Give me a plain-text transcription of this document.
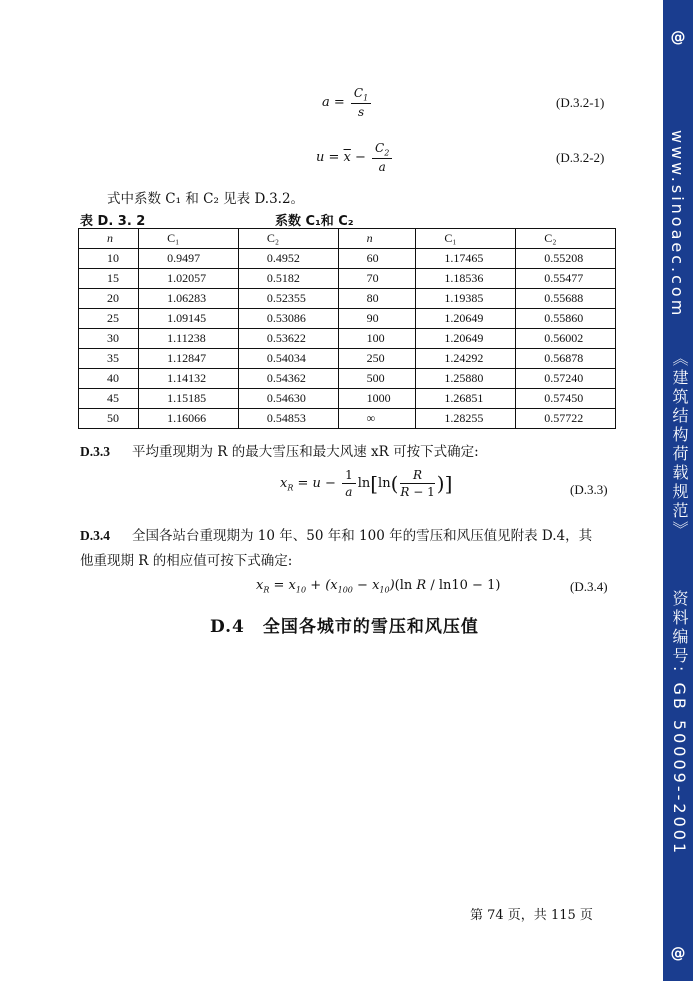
@
www.sinoaec.com
《建筑结构荷载规范》
资料编号: GB 50009--2001
@
$a = \frac{C_1}{s}$	(D.3.2-1)
$u = \overline{x} - \frac{C_2}{a}$	(D.3.2-2)
式中系数 C₁ 和 C₂ 见表 D.3.2。
表 D. 3. 2	系数 C₁和 C₂
n	C₁	C₂	n	C₁	C₂
10	0.9497	0.4952	60	1.17465	0.55208
15	1.02057	0.5182	70	1.18536	0.55477
20	1.06283	0.52355	80	1.19385	0.55688
25	1.09145	0.53086	90	1.20649	0.55860
30	1.11238	0.53622	100	1.20649	0.56002
35	1.12847	0.54034	250	1.24292	0.56878
40	1.14132	0.54362	500	1.25880	0.57240
45	1.15185	0.54630	1000	1.26851	0.57450
50	1.16066	0.54853	∞	1.28255	0.57722
D.3.3 平均重现期为 R 的最大雪压和最大风速 xR 可按下式确定:
$x_R = u - \frac{1}{a} \ln[\ln( \frac{R}{R - 1}$ )]	(D.3.3)
D.3.4 全国各站台重现期为 10 年、50 年和 100 年的雪压和风压值见附表 D.4，其
他重现期 R 的相应值可按下式确定:
$x_R = x_{10} + (x_{100} - x_{10})(\ln$ R / ln10 − 1)	(D.3.4)
D.4　全国各城市的雪压和风压值
第 74 页，共 115 页
